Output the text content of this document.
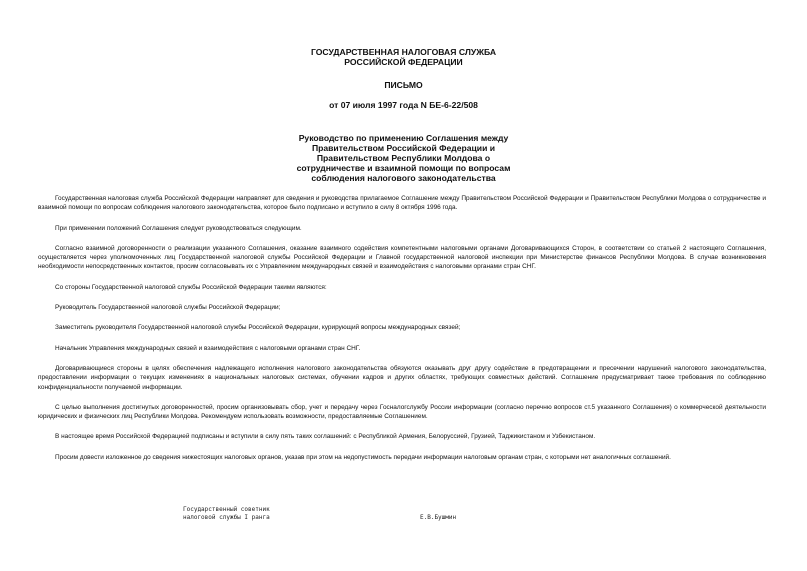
ГОСУДАРСТВЕННАЯ НАЛОГОВАЯ СЛУЖБА
РОССИЙСКОЙ ФЕДЕРАЦИИ
ПИСЬМО
от 07 июля 1997 года N БЕ-6-22/508
Руководство по применению Соглашения между
Правительством Российской Федерации и
Правительством Республики Молдова о
сотрудничестве и взаимной помощи по вопросам
соблюдения налогового законодательства

Государственная налоговая служба Российской Федерации направляет для сведения и руководства прилагаемое Соглашение между Правительством Российской Федерации и Правительством Республики Молдова о сотрудничестве и взаимной помощи по вопросам соблюдения налогового законодательства, которое было подписано и вступило в силу 8 октября 1996 года.

При применении положений Соглашения следует руководствоваться следующим.

Согласно взаимной договоренности о реализации указанного Соглашения, оказание взаимного содействия компетентными налоговыми органами Договаривающихся Сторон, в соответствии со статьей 2 настоящего Соглашения, осуществляется через уполномоченных лиц Государственной налоговой службы Российской Федерации и Главной государственной налоговой инспекции при Министерстве финансов Республики Молдова. В случае возникновения необходимости непосредственных контактов, просим согласовывать их с Управлением международных связей и взаимодействия с налоговыми органами стран СНГ.

Со стороны Государственной налоговой службы Российской Федерации такими являются:

Руководитель Государственной налоговой службы Российской Федерации;

Заместитель руководителя Государственной налоговой службы Российской Федерации, курирующий вопросы международных связей;

Начальник Управления международных связей и взаимодействия с налоговыми органами стран СНГ.

Договаривающиеся стороны в целях обеспечения надлежащего исполнения налогового законодательства обязуются оказывать друг другу содействие в предотвращении и пресечении нарушений налогового законодательства, предоставлении информации о текущих изменениях в национальных налоговых системах, обучении кадров и других областях, требующих совместных действий. Соглашение предусматривает также требования по соблюдению конфиденциальности получаемой информации.

С целью выполнения достигнутых договоренностей, просим организовывать сбор, учет и передачу через Госналогслужбу России информации (согласно перечню вопросов ст.5 указанного Соглашения) о коммерческой деятельности юридических и физических лиц Республики Молдова. Рекомендуем использовать возможности, предоставляемые Соглашением.

В настоящее время Российской Федерацией подписаны и вступили в силу пять таких соглашений: с Республикой Армения, Белоруссией, Грузией, Таджикистаном и Узбекистаном.

Просим довести изложенное до сведения нижестоящих налоговых органов, указав при этом на недопустимость передачи информации налоговым органам стран, с которыми нет аналогичных соглашений.

Государственный советник
налоговой службы I ранга	Е.В.Бушмин
